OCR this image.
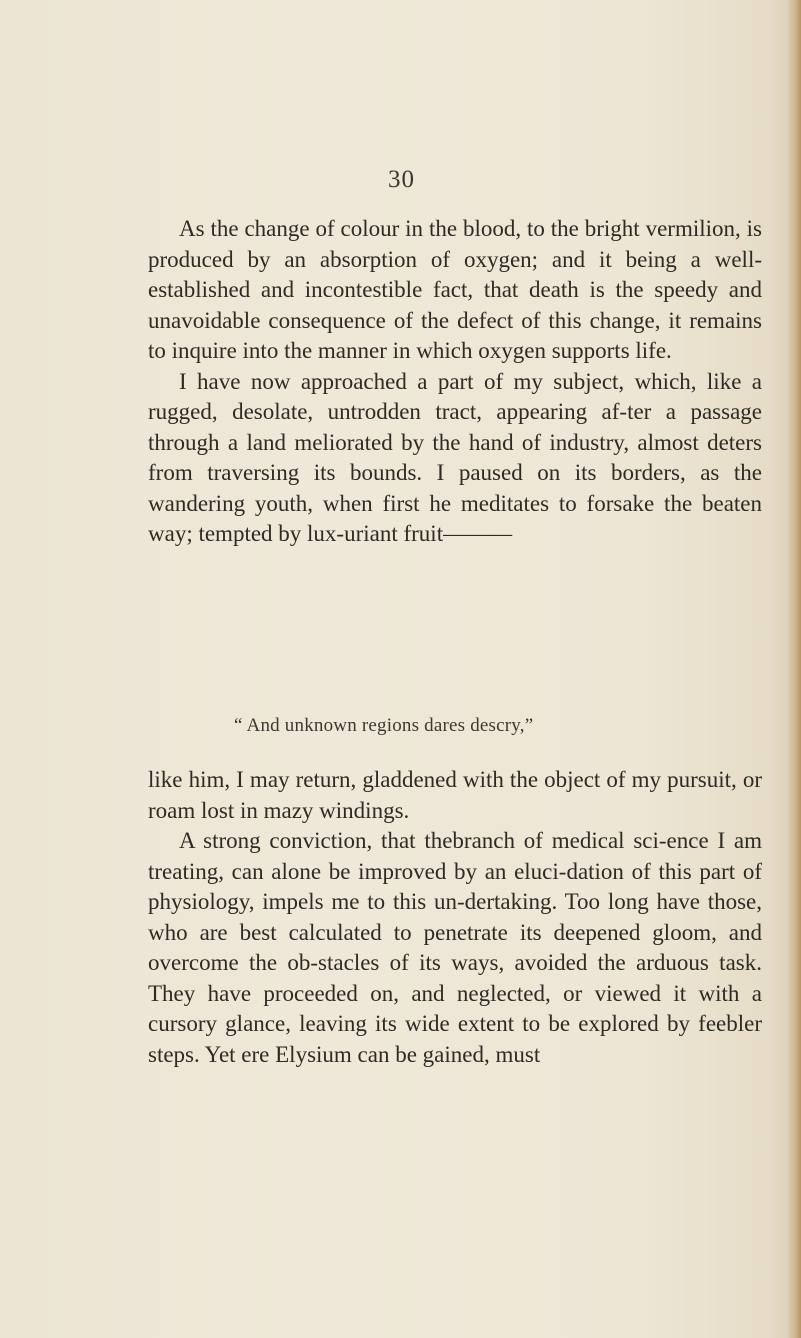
30

As the change of colour in the blood, to the bright vermilion, is produced by an absorption of oxygen; and it being a well-established and incontestible fact, that death is the speedy and unavoidable consequence of the defect of this change, it remains to inquire into the manner in which oxygen supports life.

I have now approached a part of my subject, which, like a rugged, desolate, untrodden tract, appearing af-ter a passage through a land meliorated by the hand of industry, almost deters from traversing its bounds. I paused on its borders, as the wandering youth, when first he meditates to forsake the beaten way; tempted by lux-uriant fruit———

“ And unknown regions dares descry,”

like him, I may return, gladdened with the object of my pursuit, or roam lost in mazy windings.

A strong conviction, that thebranch of medical sci-ence I am treating, can alone be improved by an eluci-dation of this part of physiology, impels me to this un-dertaking. Too long have those, who are best calculated to penetrate its deepened gloom, and overcome the ob-stacles of its ways, avoided the arduous task. They have proceeded on, and neglected, or viewed it with a cursory glance, leaving its wide extent to be explored by feebler steps. Yet ere Elysium can be gained, must
